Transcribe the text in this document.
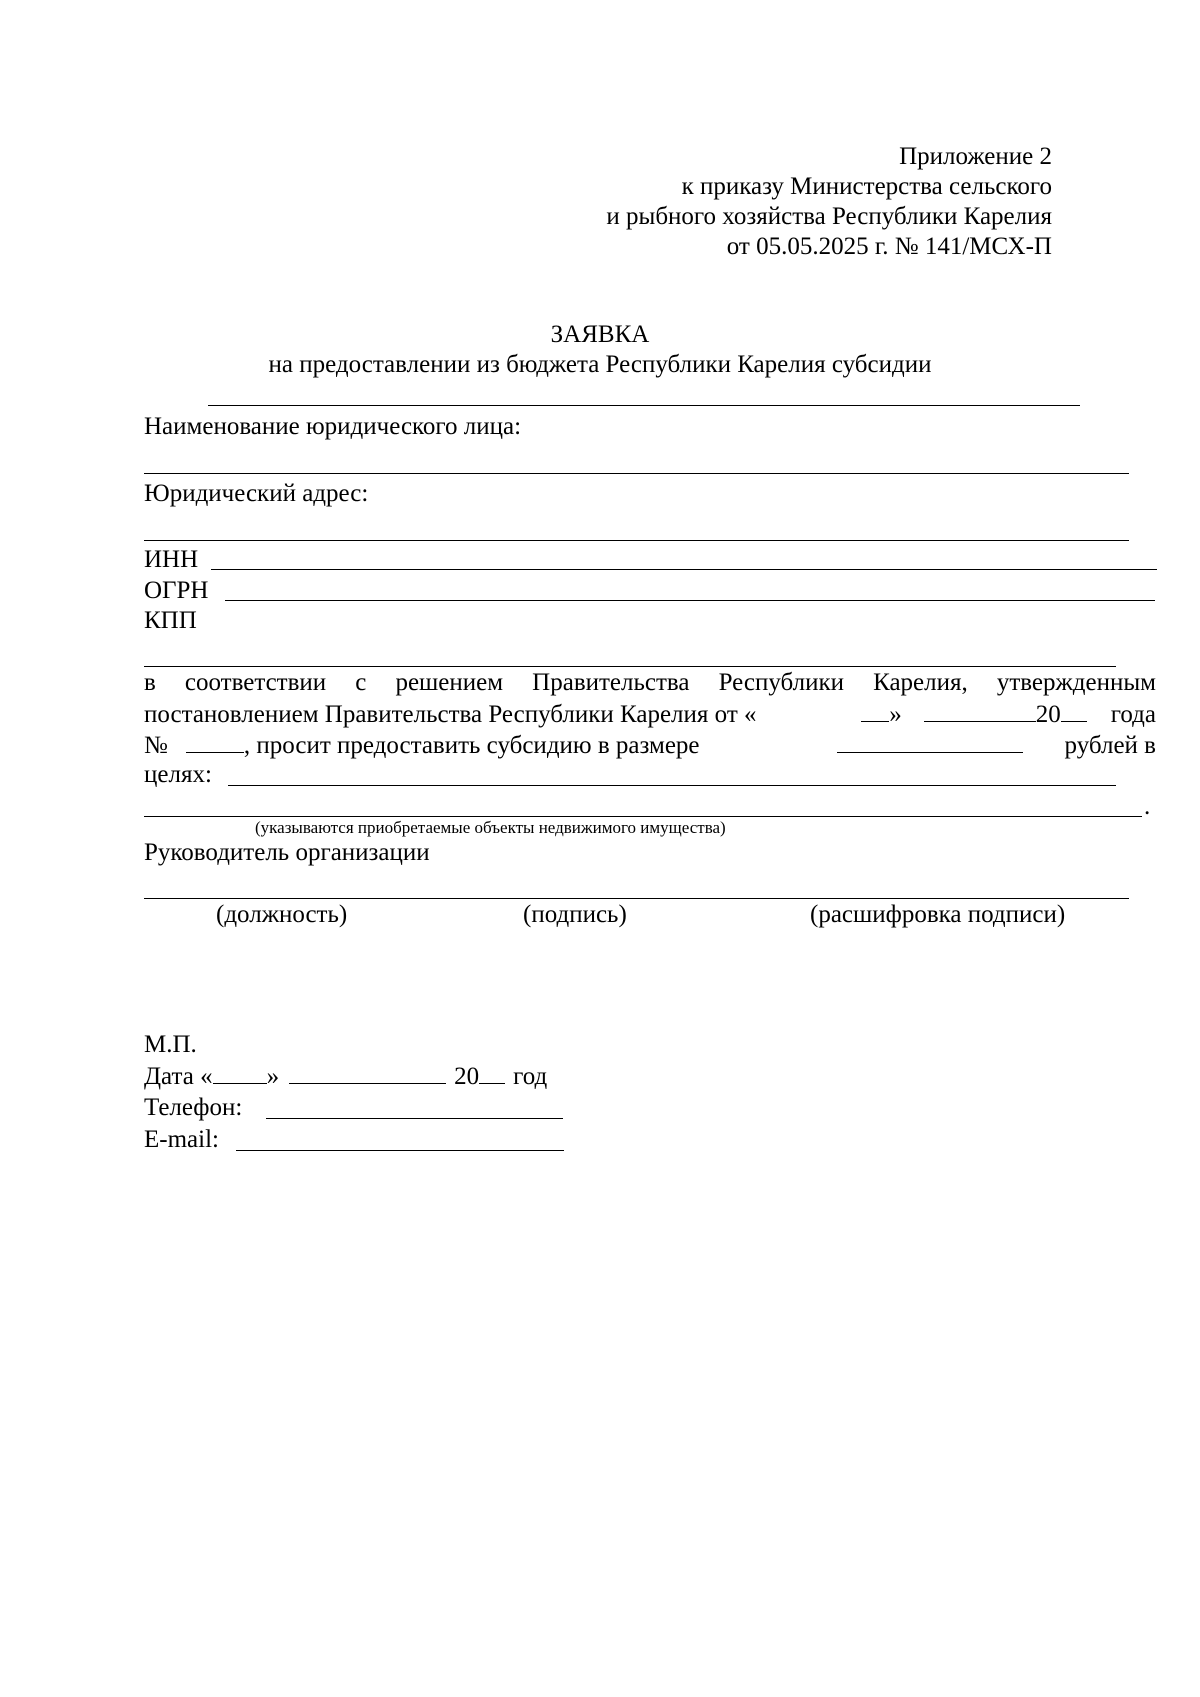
Приложение 2
к приказу Министерства сельского
и рыбного хозяйства Республики Карелия
от 05.05.2025 г. № 141/МСХ-П
ЗАЯВКА
на предоставлении из бюджета Республики Карелия субсидии
Наименование юридического лица:
Юридический адрес:
ИНН
ОГРН
КПП
в соответствии с решением Правительства Республики Карелия, утвержденным
постановлением Правительства Республики Карелия от «	»	20 года
№	, просит предоставить субсидию в размере	рублей в
целях:
.
(указываются приобретаемые объекты недвижимого имущества)
Руководитель организации
(должность)	(подпись)	(расшифровка подписи)
М.П.
Дата « »	20 год
Телефон:
E-mail:
